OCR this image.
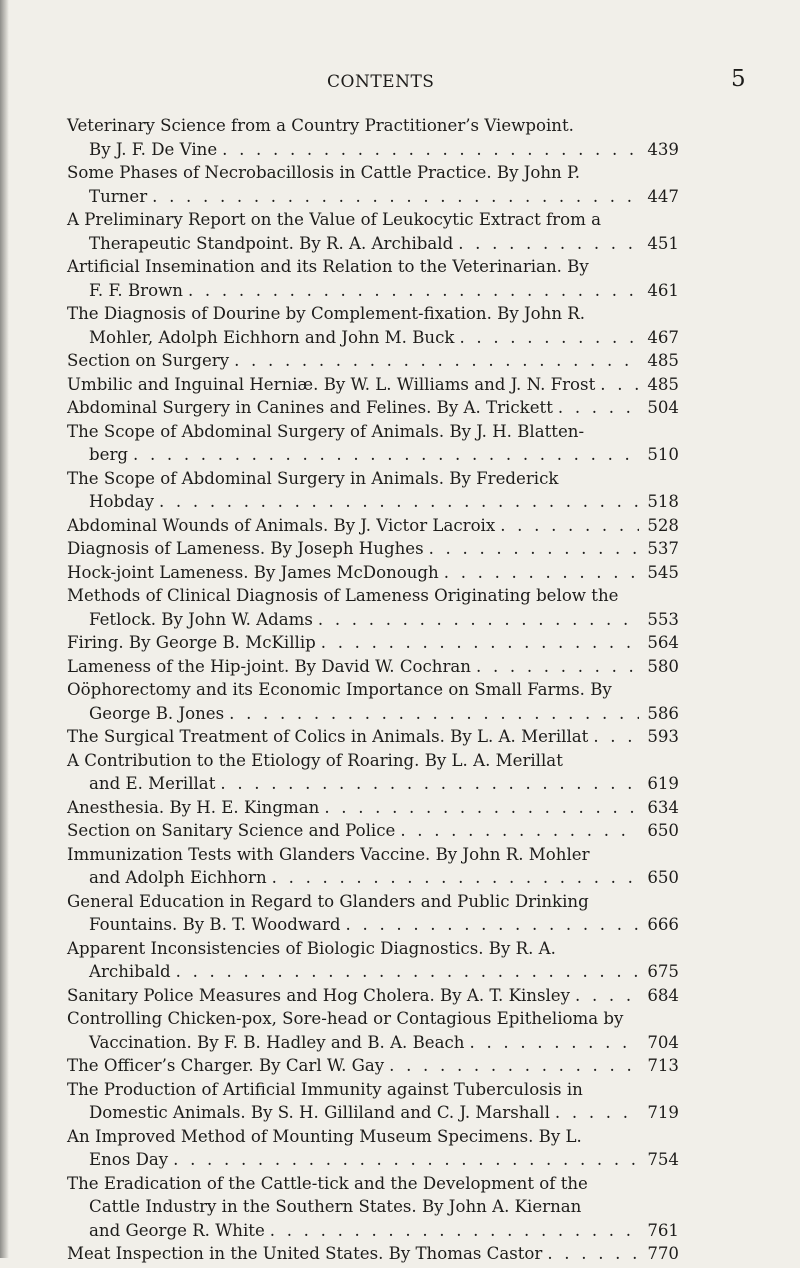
CONTENTS	5
Veterinary Science from a Country Practitioner’s Viewpoint.
By J. F. De Vine . . .	439
Some Phases of Necrobacillosis in Cattle Practice. By John P.
Turner . . .	447
A Preliminary Report on the Value of Leukocytic Extract from a
Therapeutic Standpoint. By R. A. Archibald . . .	451
Artificial Insemination and its Relation to the Veterinarian. By
F. F. Brown . . .	461
The Diagnosis of Dourine by Complement-fixation. By John R.
Mohler, Adolph Eichhorn and John M. Buck . . .	467
Section on Surgery . . .	485
Umbilic and Inguinal Herniæ. By W. L. Williams and J. N. Frost . . .	485
Abdominal Surgery in Canines and Felines. By A. Trickett . . .	504
The Scope of Abdominal Surgery of Animals. By J. H. Blatten-
berg . . .	510
The Scope of Abdominal Surgery in Animals. By Frederick
Hobday . . .	518
Abdominal Wounds of Animals. By J. Victor Lacroix . . .	528
Diagnosis of Lameness. By Joseph Hughes . . .	537
Hock-joint Lameness. By James McDonough . . .	545
Methods of Clinical Diagnosis of Lameness Originating below the
Fetlock. By John W. Adams . . .	553
Firing. By George B. McKillip . . .	564
Lameness of the Hip-joint. By David W. Cochran . . .	580
Oöphorectomy and its Economic Importance on Small Farms. By
George B. Jones . . .	586
The Surgical Treatment of Colics in Animals. By L. A. Merillat . . .	593
A Contribution to the Etiology of Roaring. By L. A. Merillat
and E. Merillat . . .	619
Anesthesia. By H. E. Kingman . . .	634
Section on Sanitary Science and Police . . .	650
Immunization Tests with Glanders Vaccine. By John R. Mohler
and Adolph Eichhorn . . .	650
General Education in Regard to Glanders and Public Drinking
Fountains. By B. T. Woodward . . .	666
Apparent Inconsistencies of Biologic Diagnostics. By R. A.
Archibald . . .	675
Sanitary Police Measures and Hog Cholera. By A. T. Kinsley . . .	684
Controlling Chicken-pox, Sore-head or Contagious Epithelioma by
Vaccination. By F. B. Hadley and B. A. Beach . . .	704
The Officer’s Charger. By Carl W. Gay . . .	713
The Production of Artificial Immunity against Tuberculosis in
Domestic Animals. By S. H. Gilliland and C. J. Marshall . . .	719
An Improved Method of Mounting Museum Specimens. By L.
Enos Day . . .	754
The Eradication of the Cattle-tick and the Development of the
Cattle Industry in the Southern States. By John A. Kiernan
and George R. White . . .	761
Meat Inspection in the United States. By Thomas Castor . . .	770
